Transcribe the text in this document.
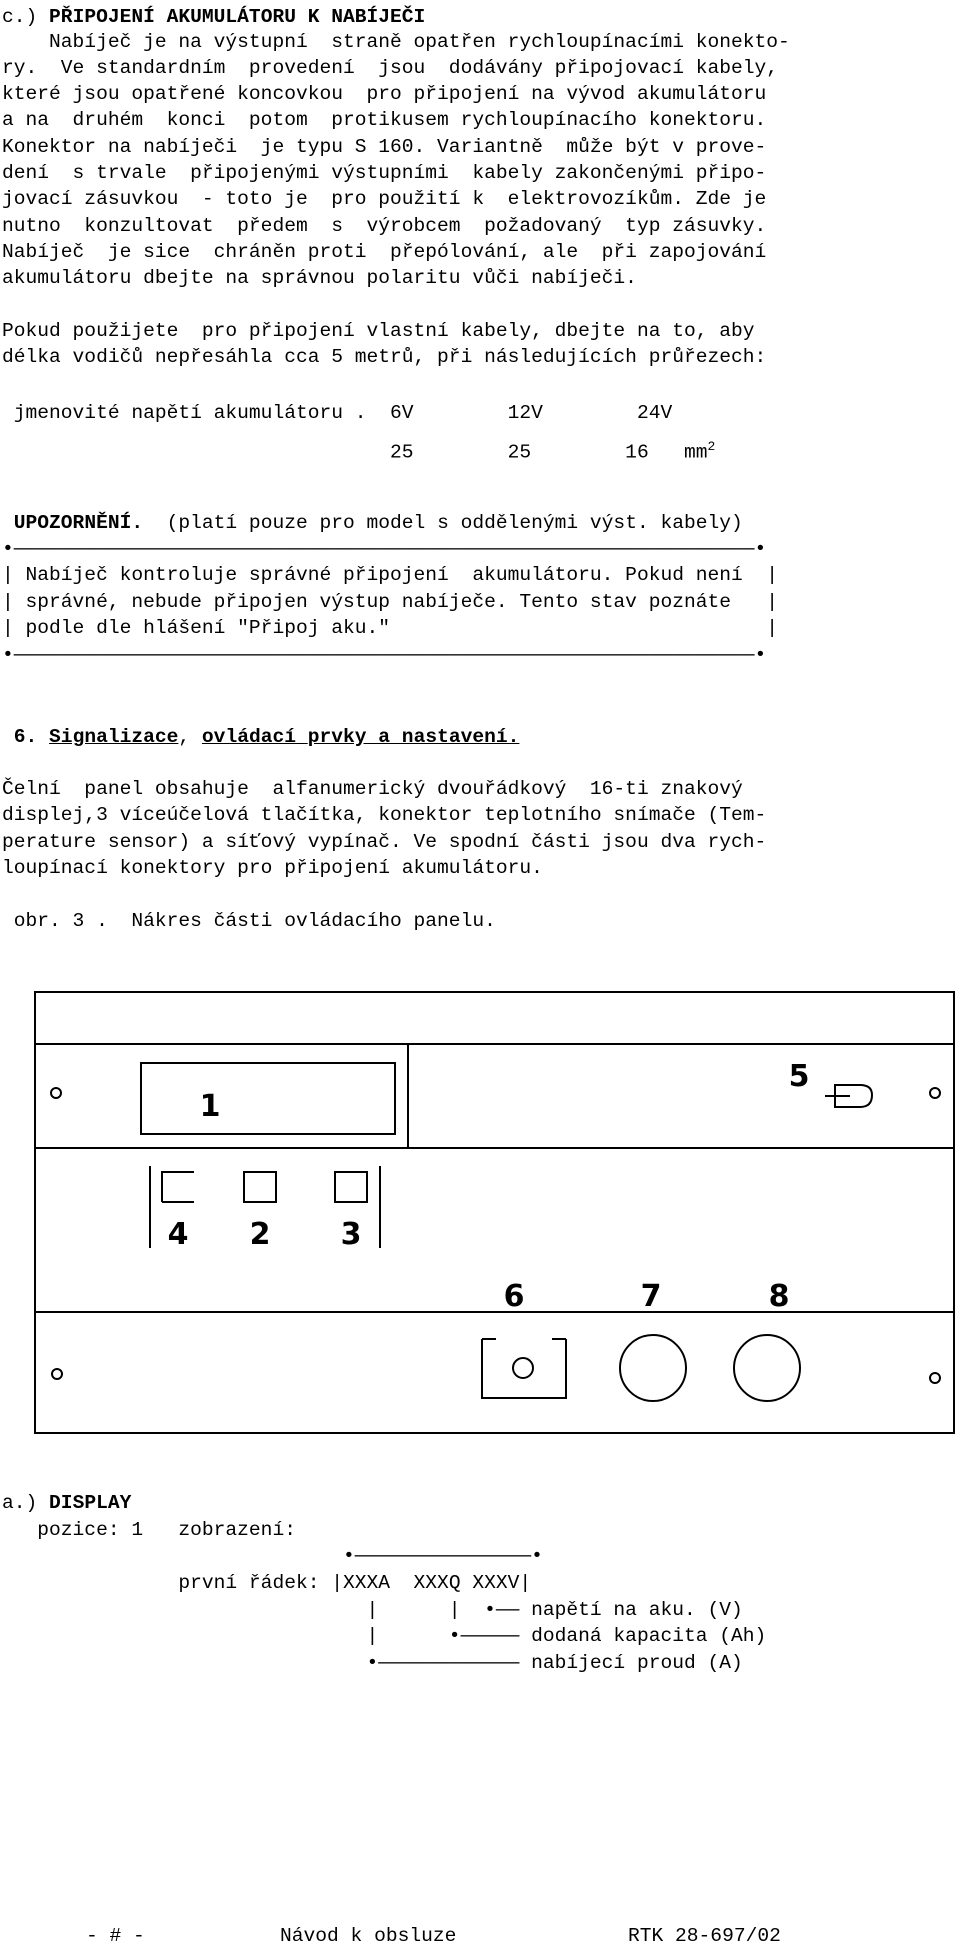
c.) PŘIPOJENÍ AKUMULÁTORU K NABÍJEČI
Nabíječ je na výstupní  straně opatřen rychloupínacími konekto-
ry.  Ve standardním  provedení  jsou  dodávány připojovací kabely,
které jsou opatřené koncovkou  pro připojení na vývod akumulátoru
a na  druhém  konci  potom  protikusem rychloupínacího konektoru.
Konektor na nabíječi  je typu S 160. Variantně  může být v prove-
dení  s trvale  připojenými výstupními  kabely zakončenými připo-
jovací zásuvkou  - toto je  pro použití k  elektrovozíkům. Zde je
nutno  konzultovat  předem  s  výrobcem  požadovaný  typ zásuvky.
Nabíječ  je sice  chráněn proti  přepólování, ale  při zapojování
akumulátoru dbejte na správnou polaritu vůči nabíječi.
Pokud použijete  pro připojení vlastní kabely, dbejte na to, aby
délka vodičů nepřesáhla cca 5 metrů, při následujících průřezech:
jmenovité napětí akumulátoru .  6V        12V        24V
25        25        16   $mm^2$
UPOZORNĚNÍ.  (platí pouze pro model s oddělenými výst. kabely)
•———————————————————————————————————————————————————————————————•
| Nabíječ kontroluje správné připojení  akumulátoru. Pokud není  |
| správné, nebude připojen výstup nabíječe. Tento stav poznáte   |
| podle dle hlášení "Připoj aku."                                |
•———————————————————————————————————————————————————————————————•
6. Signalizace, ovládací_prvky_a_nastavení.
Čelní  panel obsahuje  alfanumerický dvouřádkový  16-ti znakový
displej,3 víceúčelová tlačítka, konektor teplotního snímače (Tem-
perature sensor) a síťový vypínač. Ve spodní části jsou dva rych-
loupínací konektory pro připojení akumulátoru.
obr. 3 .  Nákres části ovládacího panelu.
1
4 2 3
5
6	7	8
a.) DISPLAY
pozice: 1   zobrazení:
•———————————————•
první řádek: |XXXA  XXXQ XXXV|
|      |  •—— napětí na aku. (V)
|      •————— dodaná kapacita (Ah)
•———————————— nabíjecí proud (A)
- # -	Návod k obsluze	RTK 28-697/02
